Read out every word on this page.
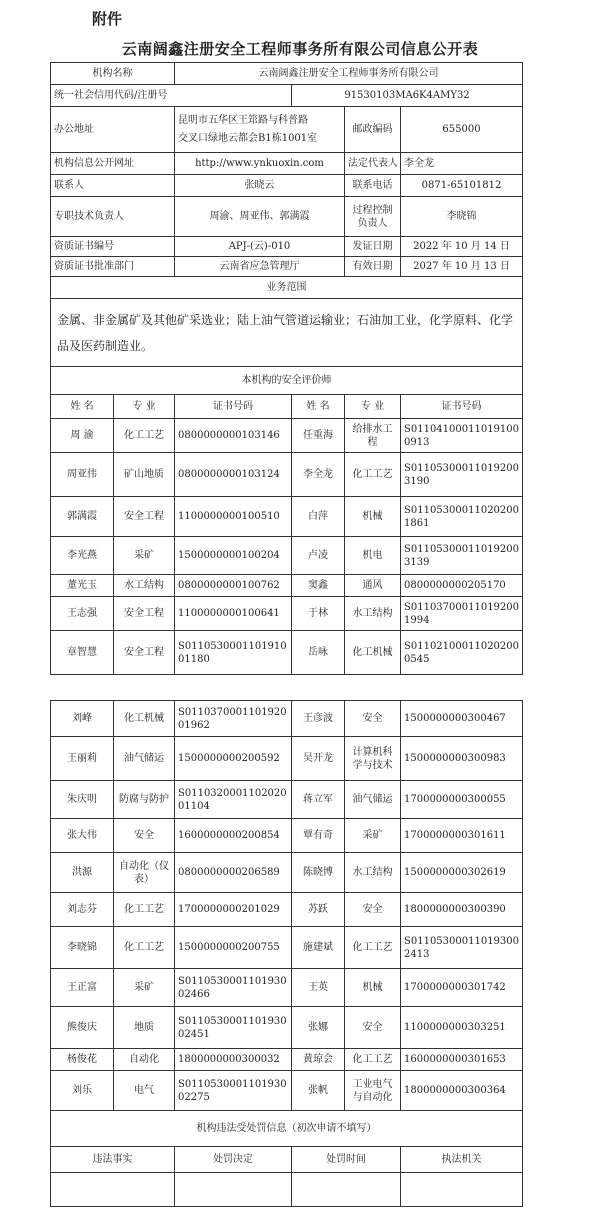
附件
云南阔鑫注册安全工程师事务所有限公司信息公开表
机构名称		云南阔鑫注册安全工程师事务所有限公司			
统一社会信用代码/注册号			91530103MA6K4AMY32		
办公地址		昆明市五华区王筇路与科普路
交叉口绿地云都会B1栋1001室		邮政编码	655000
机构信息公开网址		http://www.ynkuoxin.com		法定代表人	李全龙
联系人		张晓云		联系电话	0871-65101812
专职技术负责人		周渝、周亚伟、郭满霞		过程控制负责人	李晓锦
资质证书编号		APJ-(云)-010		发证日期	2022 年 10 月 14 日
资质证书批准部门		云南省应急管理厅		有效日期	2027 年 10 月 13 日
业务范围					
金属、非金属矿及其他矿采选业；陆上油气管道运输业；石油加工业，化学原料、化学品及医药制造业。					
本机构的安全评价师					
姓 名	专 业	证书号码	姓 名	专 业	证书号码
周 渝	化工工艺	0800000000103146	任重海	给排水工程	S011041000110191000913
周亚伟	矿山地质	0800000000103124	李全龙	化工工艺	S011053000110192003190
郭满霞	安全工程	1100000000100510	白萍	机械	S011053000110202001861
李光燕	采矿	1500000000100204	卢凌	机电	S011053000110192003139
董光玉	水工结构	0800000000100762	窦鑫	通风	0800000000205170
王志强	安全工程	1100000000100641	于林	水工结构	S011037000110192001994
章智慧	安全工程	S011053000110191001180	岳咏	化工机械	S011021000110202000545
刘峰	化工机械	S011037000110192001962	王彦波	安全	1500000000300467
王丽莉	油气储运	1500000000200592	吴开龙	计算机科学与技术	1500000000300983
朱庆明	防腐与防护	S011032000110202001104	蒋立军	油气储运	1700000000300055
张大伟	安全	1600000000200854	覃有奇	采矿	1700000000301611
洪源	自动化（仪表）	0800000000206589	陈晓博	水工结构	1500000000302619
刘志芬	化工工艺	1700000000201029	苏跃	安全	1800000000300390
李晓锦	化工工艺	1500000000200755	施建斌	化工工艺	S011053000110193002413
王正富	采矿	S011053000110193002466	王英	机械	1700000000301742
熊俊庆	地质	S011053000110193002451	张娜	安全	1100000000303251
杨俊花	自动化	1800000000300032	黄琼会	化工工艺	1600000000301653
刘乐	电气	S011053000110193002275	张帆	工业电气与自动化	1800000000300364
机构违法受处罚信息（初次申请不填写）					
违法事实		处罚决定	处罚时间		执法机关
